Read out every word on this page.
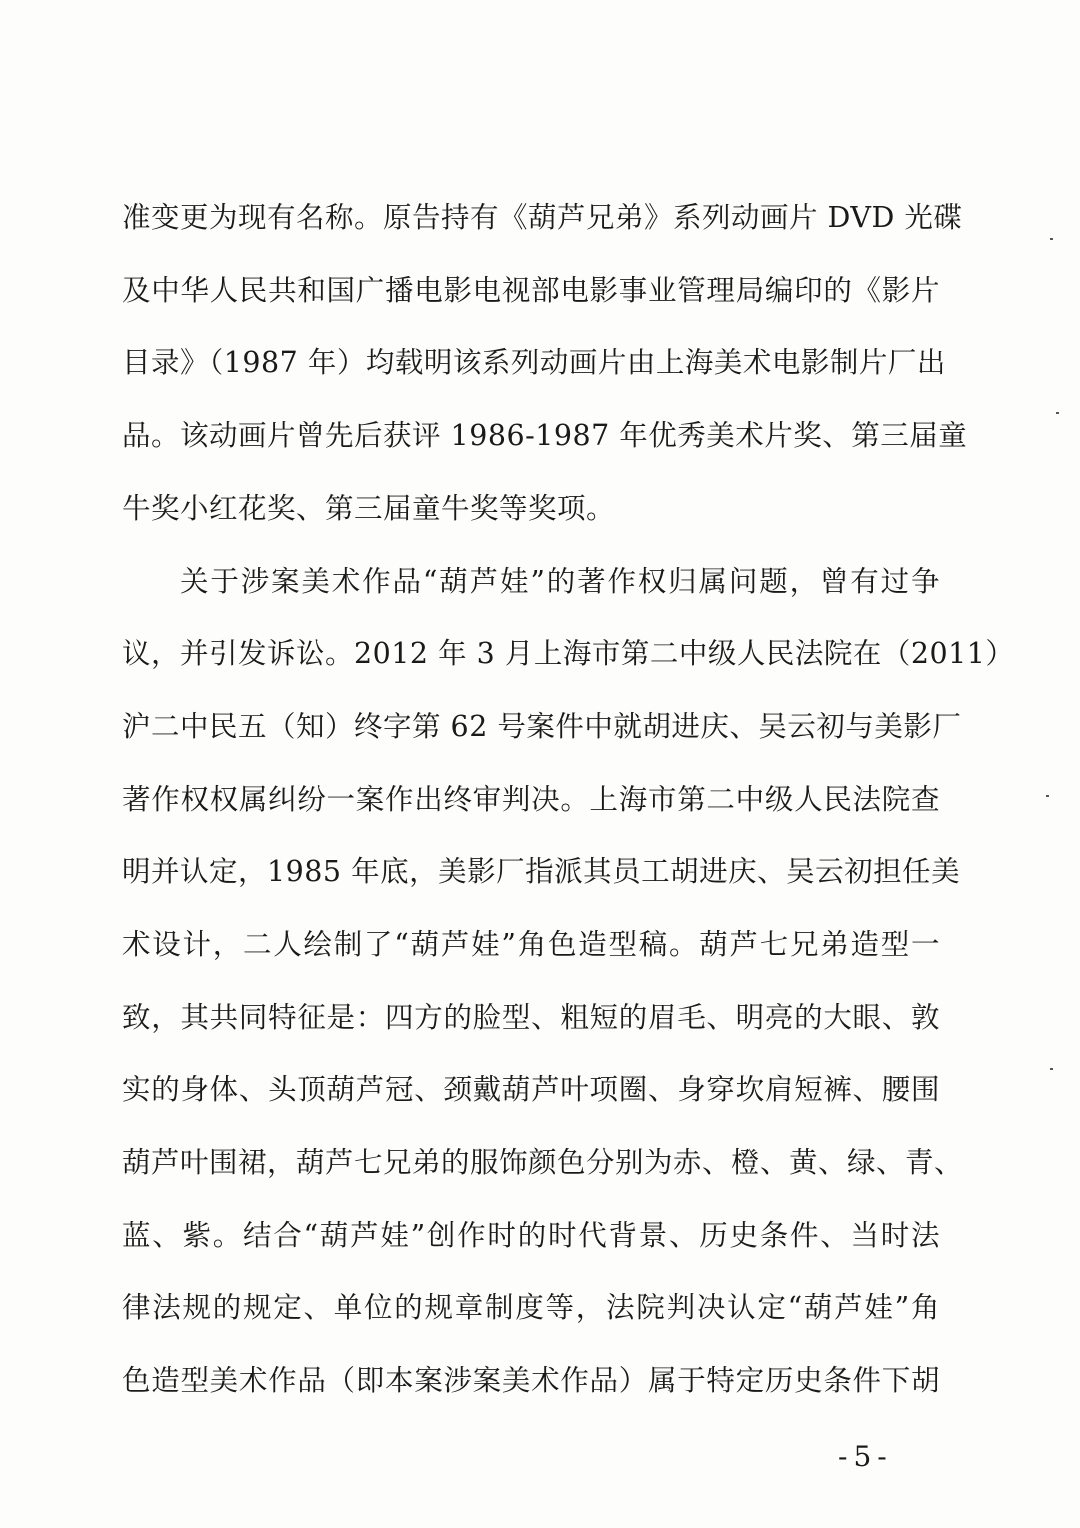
准变更为现有名称。原告持有《葫芦兄弟》系列动画片 DVD 光碟
及中华人民共和国广播电影电视部电影事业管理局编印的《影片
目录》（1987 年）均载明该系列动画片由上海美术电影制片厂出
品。该动画片曾先后获评 1986-1987 年优秀美术片奖、第三届童
牛奖小红花奖、第三届童牛奖等奖项。
关于涉案美术作品“葫芦娃”的著作权归属问题，曾有过争
议，并引发诉讼。2012 年 3 月上海市第二中级人民法院在（2011）
沪二中民五（知）终字第 62 号案件中就胡进庆、吴云初与美影厂
著作权权属纠纷一案作出终审判决。上海市第二中级人民法院查
明并认定，1985 年底，美影厂指派其员工胡进庆、吴云初担任美
术设计，二人绘制了“葫芦娃”角色造型稿。葫芦七兄弟造型一
致，其共同特征是：四方的脸型、粗短的眉毛、明亮的大眼、敦
实的身体、头顶葫芦冠、颈戴葫芦叶项圈、身穿坎肩短裤、腰围
葫芦叶围裙，葫芦七兄弟的服饰颜色分别为赤、橙、黄、绿、青、
蓝、紫。结合“葫芦娃”创作时的时代背景、历史条件、当时法
律法规的规定、单位的规章制度等，法院判决认定“葫芦娃”角
色造型美术作品（即本案涉案美术作品）属于特定历史条件下胡
-5-
